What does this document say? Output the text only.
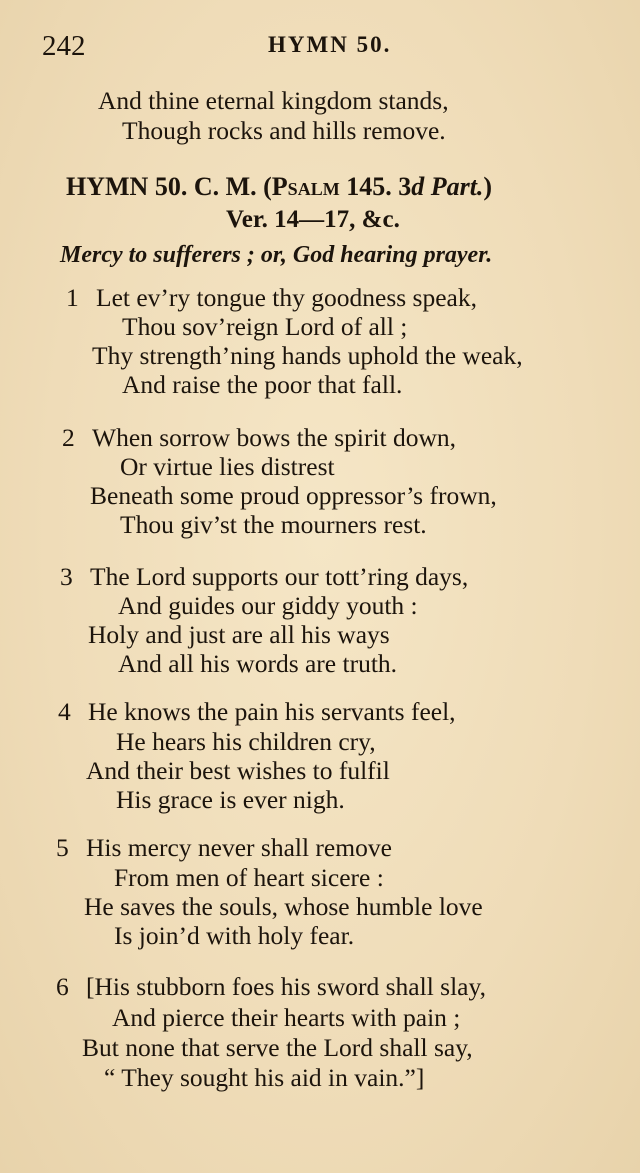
242	HYMN 50.
And thine eternal kingdom stands,
Though rocks and hills remove.
HYMN 50. C. M. (Psalm 145. 3d Part.)
Ver. 14—17, &c.
Mercy to sufferers ; or, God hearing prayer.
1 Let ev’ry tongue thy goodness speak,
Thou sov’reign Lord of all ;
Thy strength’ning hands uphold the weak,
And raise the poor that fall.
2 When sorrow bows the spirit down,
Or virtue lies distrest
Beneath some proud oppressor’s frown,
Thou giv’st the mourners rest.
3 The Lord supports our tott’ring days,
And guides our giddy youth :
Holy and just are all his ways
And all his words are truth.
4 He knows the pain his servants feel,
He hears his children cry,
And their best wishes to fulfil
His grace is ever nigh.
5 His mercy never shall remove
From men of heart sicere :
He saves the souls, whose humble love
Is join’d with holy fear.
6 [His stubborn foes his sword shall slay,
And pierce their hearts with pain ;
But none that serve the Lord shall say,
“ They sought his aid in vain.”]
